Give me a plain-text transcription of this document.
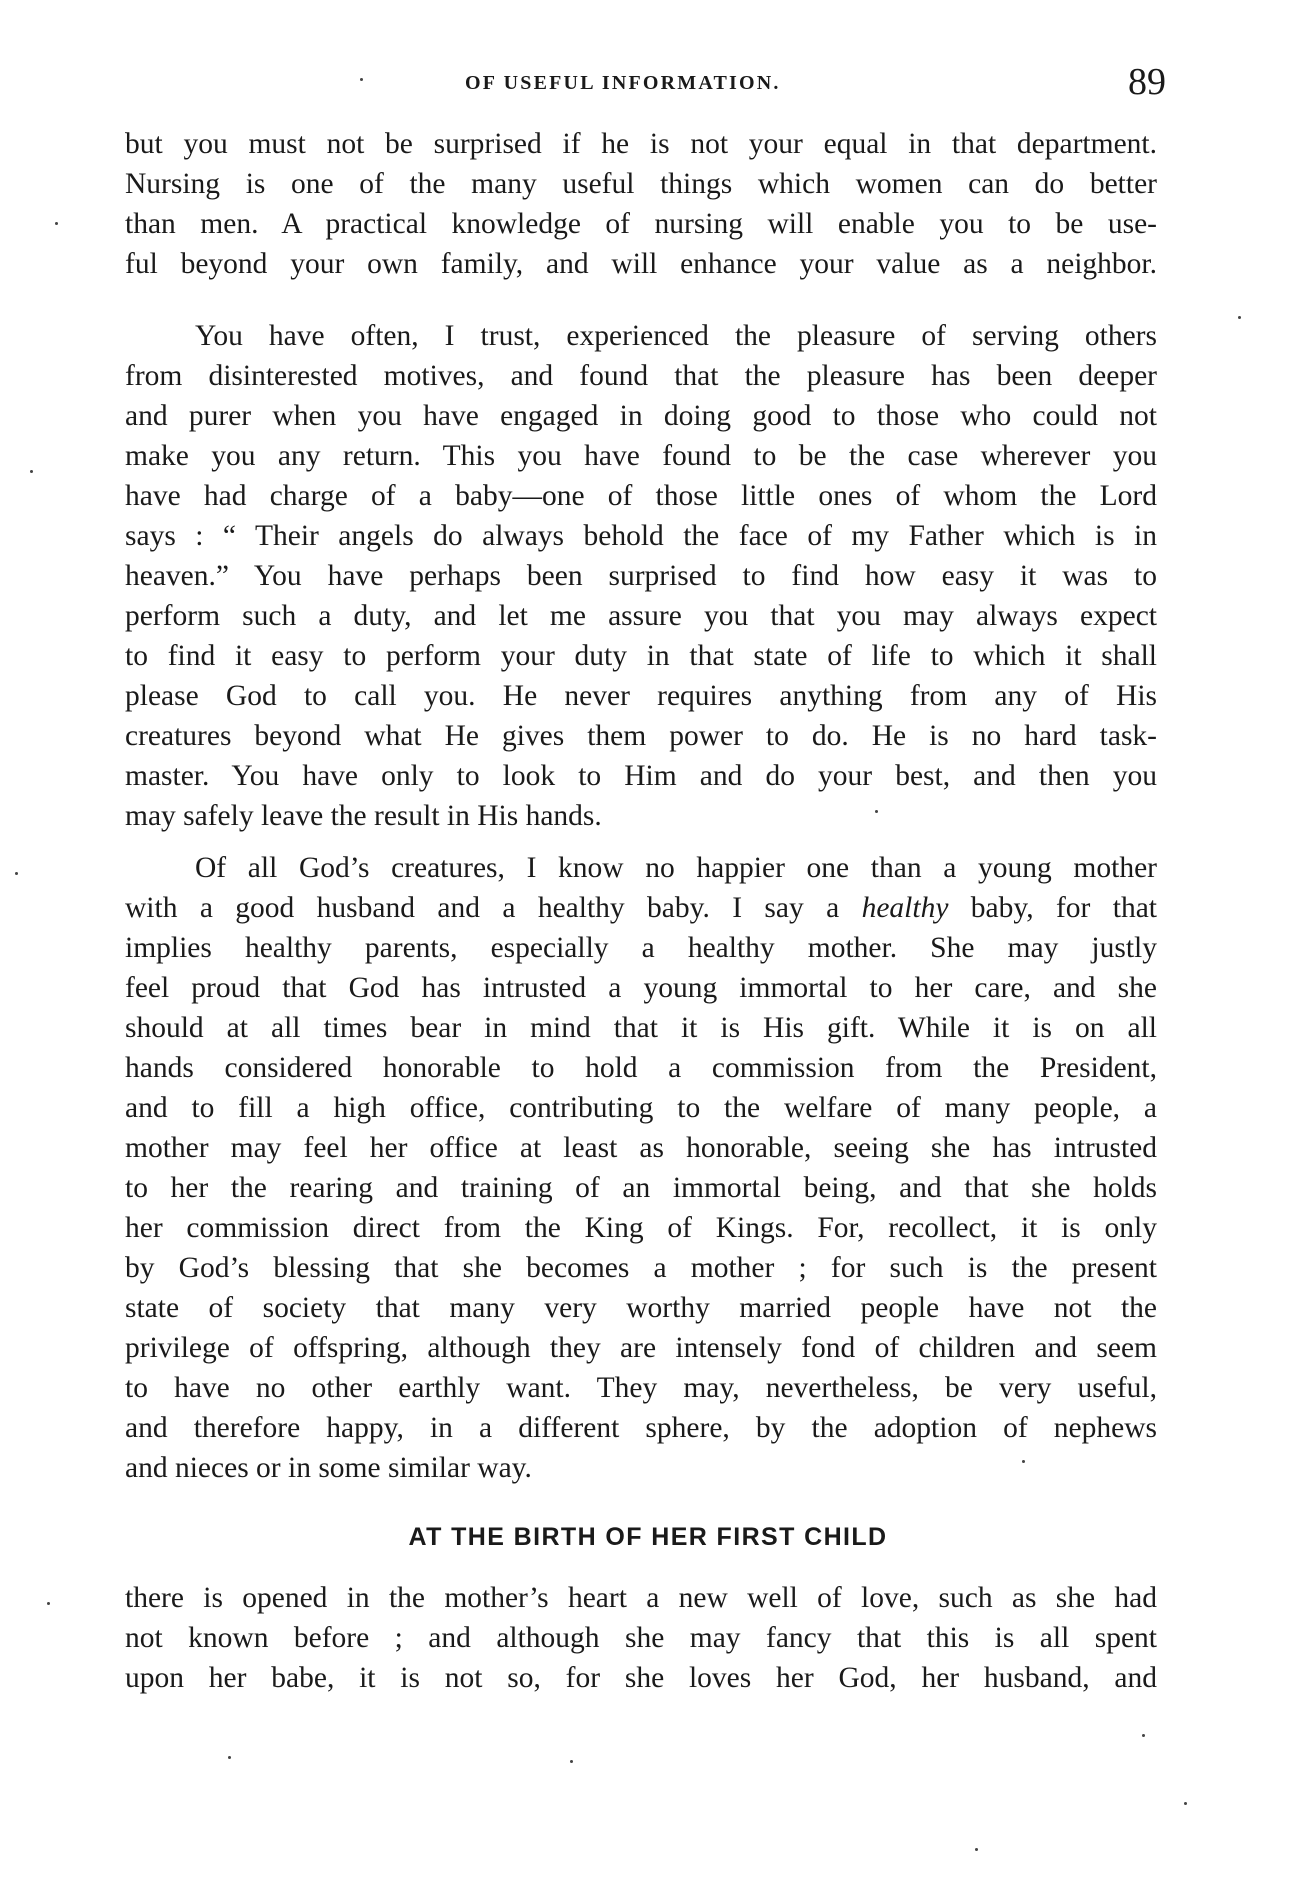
OF USEFUL INFORMATION.	89
but you must not be surprised if he is not your equal in that department.
Nursing is one of the many useful things which women can do better
than men. A practical knowledge of nursing will enable you to be use-
ful beyond your own family, and will enhance your value as a neighbor.
You have often, I trust, experienced the pleasure of serving others
from disinterested motives, and found that the pleasure has been deeper
and purer when you have engaged in doing good to those who could not
make you any return. This you have found to be the case wherever you
have had charge of a baby—one of those little ones of whom the Lord
says : “ Their angels do always behold the face of my Father which is in
heaven.” You have perhaps been surprised to find how easy it was to
perform such a duty, and let me assure you that you may always expect
to find it easy to perform your duty in that state of life to which it shall
please God to call you. He never requires anything from any of His
creatures beyond what He gives them power to do. He is no hard task-
master. You have only to look to Him and do your best, and then you
may safely leave the result in His hands.
Of all God’s creatures, I know no happier one than a young mother
with a good husband and a healthy baby. I say a healthy baby, for that
implies healthy parents, especially a healthy mother. She may justly
feel proud that God has intrusted a young immortal to her care, and she
should at all times bear in mind that it is His gift. While it is on all
hands considered honorable to hold a commission from the President,
and to fill a high office, contributing to the welfare of many people, a
mother may feel her office at least as honorable, seeing she has intrusted
to her the rearing and training of an immortal being, and that she holds
her commission direct from the King of Kings. For, recollect, it is only
by God’s blessing that she becomes a mother ; for such is the present
state of society that many very worthy married people have not the
privilege of offspring, although they are intensely fond of children and seem
to have no other earthly want. They may, nevertheless, be very useful,
and therefore happy, in a different sphere, by the adoption of nephews
and nieces or in some similar way.
AT THE BIRTH OF HER FIRST CHILD
there is opened in the mother’s heart a new well of love, such as she had
not known before ; and although she may fancy that this is all spent
upon her babe, it is not so, for she loves her God, her husband, and
